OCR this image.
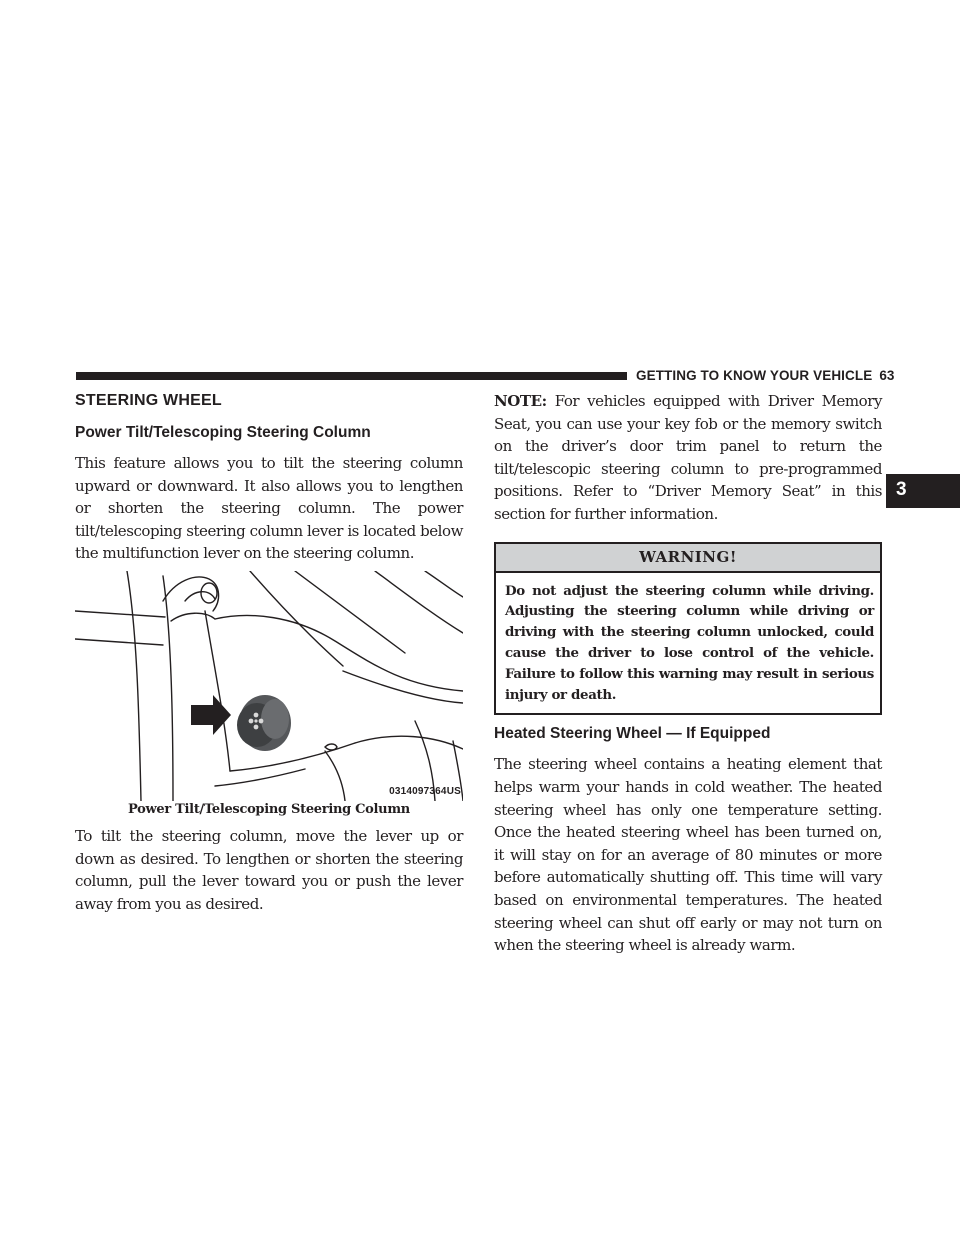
GETTING TO KNOW YOUR VEHICLE 63
3
STEERING WHEEL
Power Tilt/Telescoping Steering Column

This feature allows you to tilt the steering column upward or downward. It also allows you to lengthen or shorten the steering column. The power tilt/telescoping steering column lever is located below the multifunction lever on the steering column.

0314097364US

Power Tilt/Telescoping Steering Column

To tilt the steering column, move the lever up or down as desired. To lengthen or shorten the steering column, pull the lever toward you or push the lever away from you as desired.

NOTE: For vehicles equipped with Driver Memory Seat, you can use your key fob or the memory switch on the driver’s door trim panel to return the tilt/telescopic steering column to pre-programmed positions. Refer to “Driver Memory Seat” in this section for further information.

WARNING!
Do not adjust the steering column while driving. Adjusting the steering column while driving or driving with the steering column unlocked, could cause the driver to lose control of the vehicle. Failure to follow this warning may result in serious injury or death.
Heated Steering Wheel — If Equipped

The steering wheel contains a heating element that helps warm your hands in cold weather. The heated steering wheel has only one temperature setting. Once the heated steering wheel has been turned on, it will stay on for an average of 80 minutes or more before automatically shutting off. This time will vary based on environmental temperatures. The heated steering wheel can shut off early or may not turn on when the steering wheel is already warm.
